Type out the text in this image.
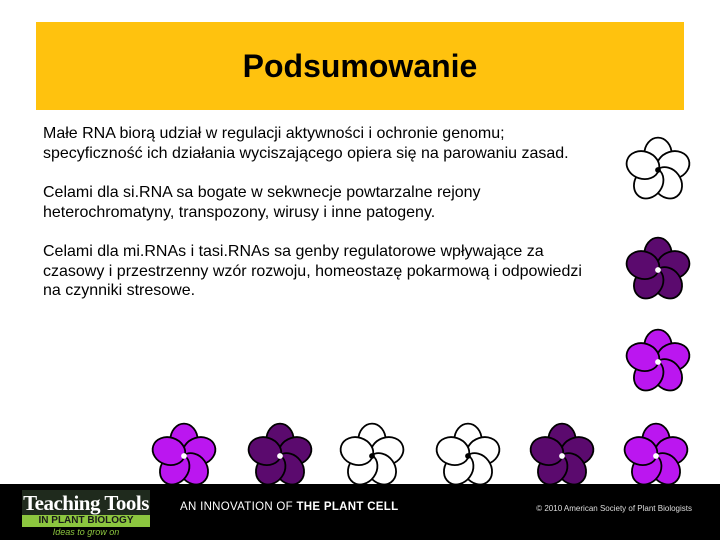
Podsumowanie

Małe RNA biorą udział w regulacji aktywności i ochronie genomu; specyficzność ich działania wyciszającego opiera się na parowaniu zasad.

Celami dla si.RNA sa bogate w sekwnecje powtarzalne rejony heterochromatyny, transpozony, wirusy i inne patogeny.

Celami dla mi.RNAs i tasi.RNAs sa genby regulatorowe wpływające za czasowy i przestrzenny wzór rozwoju, homeostazę pokarmową i odpowiedzi na czynniki stresowe.

Teaching Tools
IN PLANT BIOLOGY
Ideas to grow on
AN INNOVATION OF THE PLANT CELL	© 2010 American Society of Plant Biologists
